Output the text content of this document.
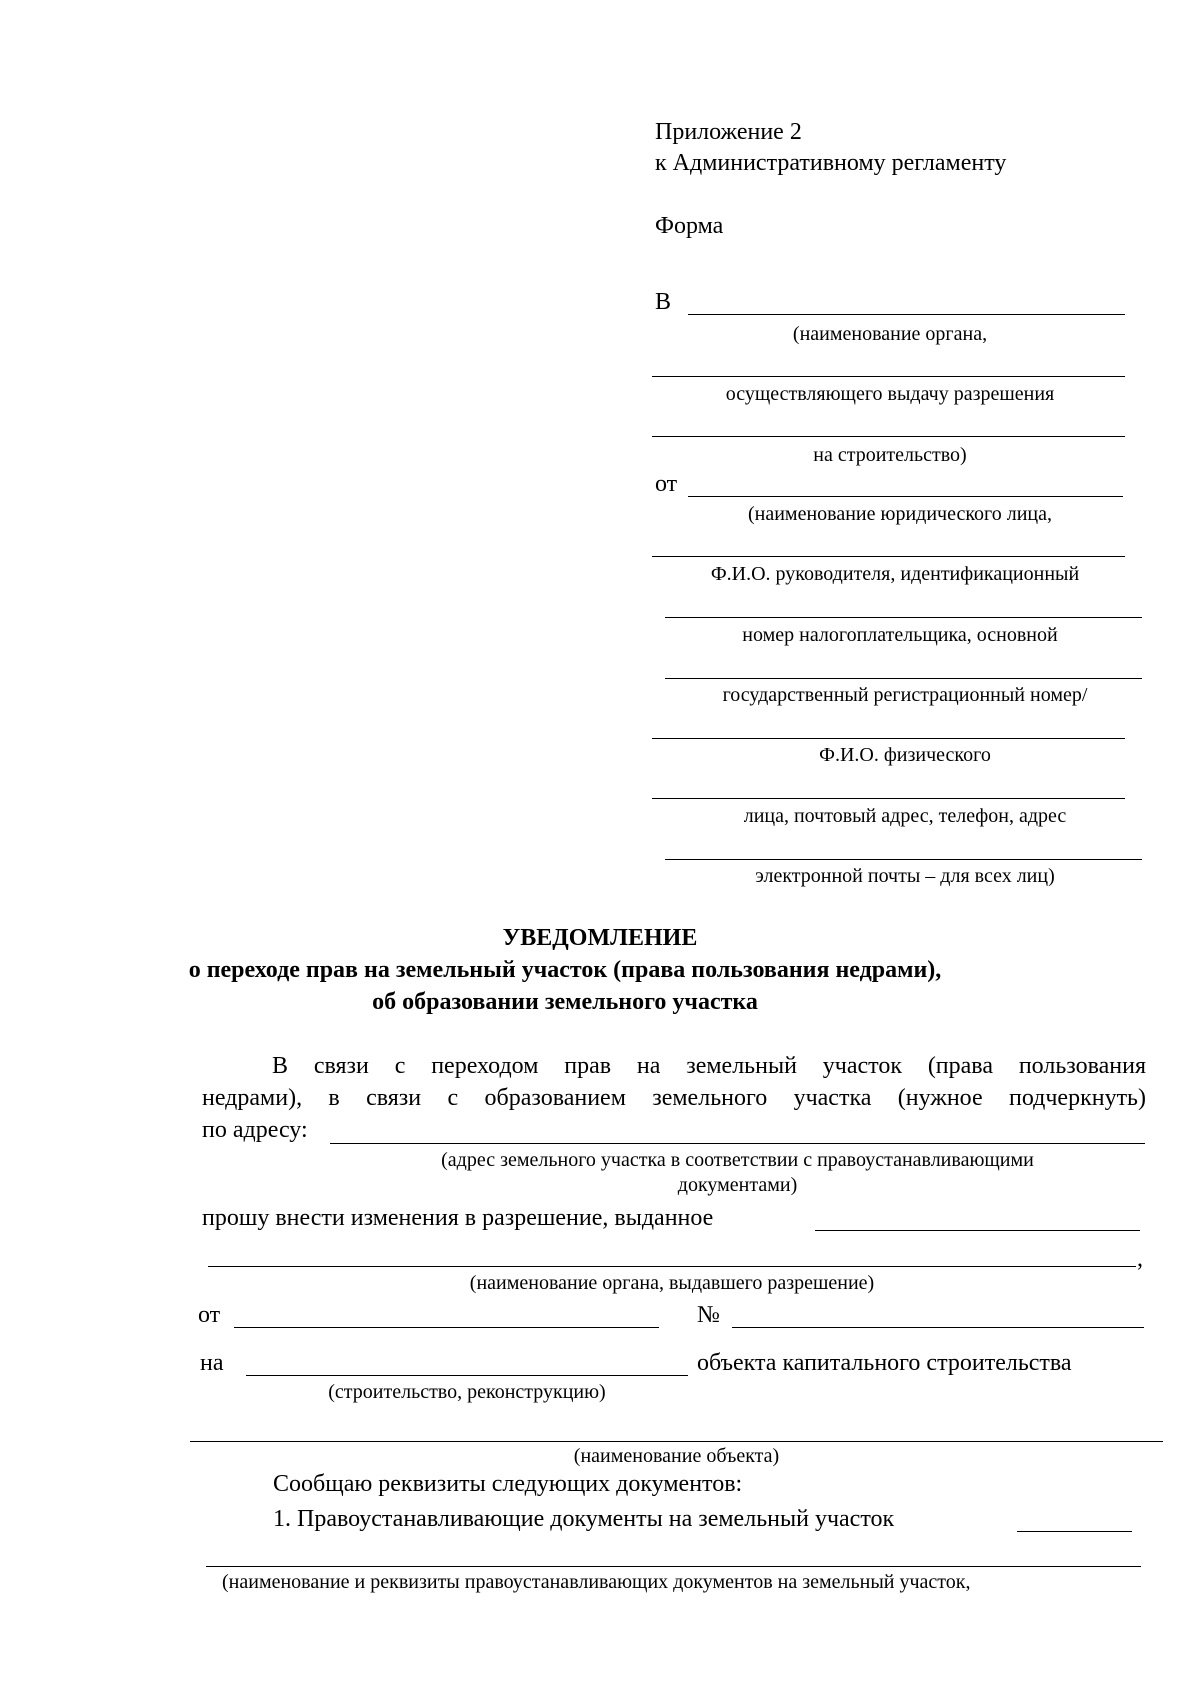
Приложение 2
к Административному регламенту
Форма
В
(наименование органа,
осуществляющего выдачу разрешения
на строительство)
от
(наименование юридического лица,
Ф.И.О. руководителя, идентификационный
номер налогоплательщика, основной
государственный регистрационный номер/
Ф.И.О. физического
лица, почтовый адрес, телефон, адрес
электронной почты – для всех лиц)
УВЕДОМЛЕНИЕ
о переходе прав на земельный участок (права пользования недрами),
об образовании земельного участка
В связи с переходом прав на земельный участок (права пользования
недрами), в связи с образованием земельного участка (нужное подчеркнуть)
по адресу:
(адрес земельного участка в соответствии с правоустанавливающими
документами)
прошу внести изменения в разрешение, выданное
,
(наименование органа, выдавшего разрешение)
от	№
на	объекта капитального строительства
(строительство, реконструкцию)
(наименование объекта)
Сообщаю реквизиты следующих документов:
1. Правоустанавливающие документы на земельный участок
(наименование и реквизиты правоустанавливающих документов на земельный участок,
